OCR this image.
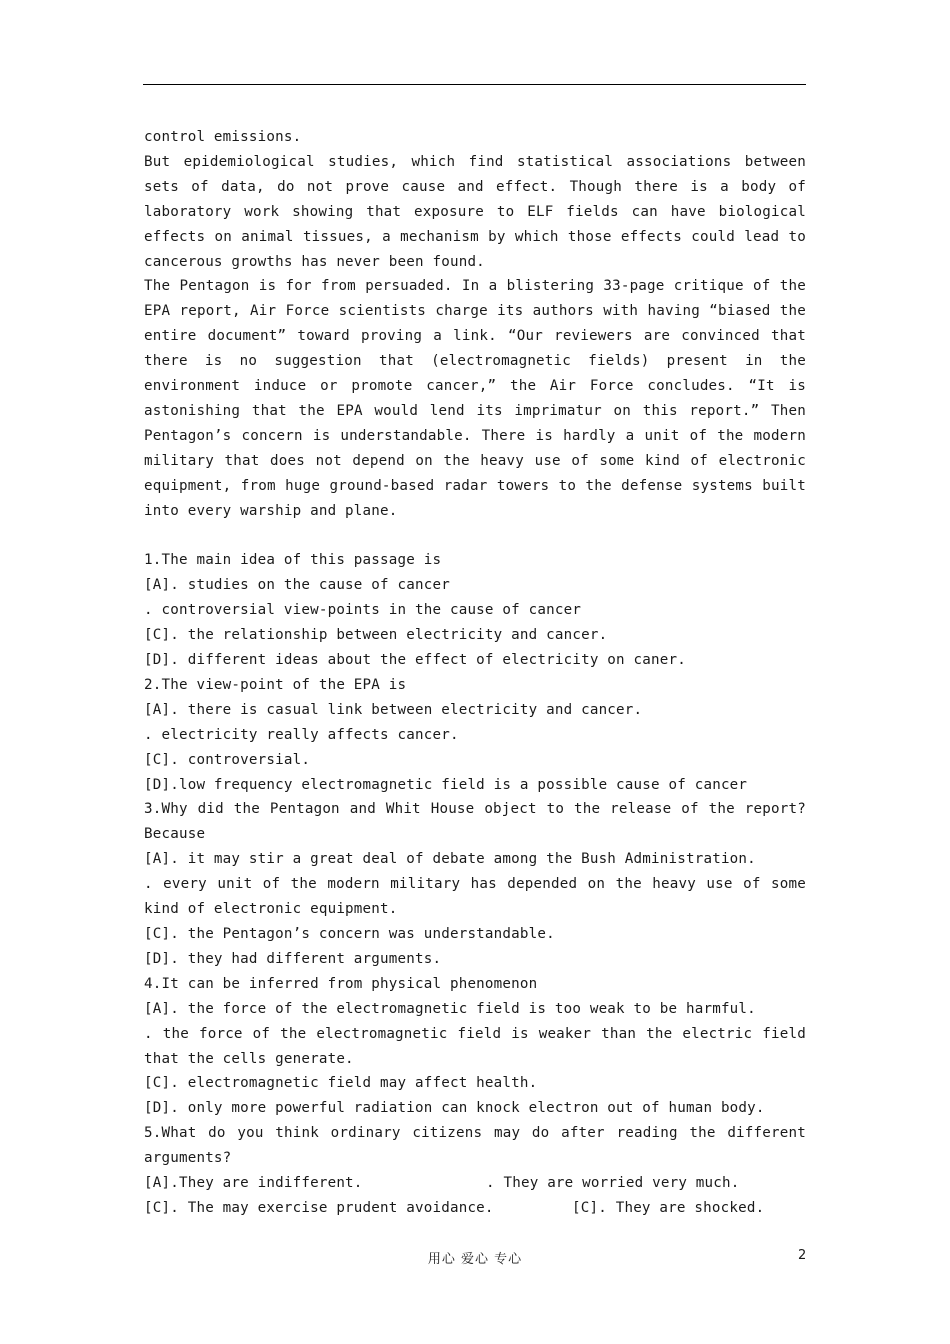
control emissions.

But epidemiological studies, which find statistical associations between sets of data, do not prove cause and effect. Though there is a body of laboratory work showing that exposure to ELF fields can have biological effects on animal tissues, a mechanism by which those effects could lead to cancerous growths has never been found.

The Pentagon is for from persuaded. In a blistering 33-page critique of the EPA report, Air Force scientists charge its authors with having “biased the entire document” toward proving a link. “Our reviewers are convinced that there is no suggestion that (electromagnetic fields) present in the environment induce or promote cancer,” the Air Force concludes. “It is astonishing that the EPA would lend its imprimatur on this report.” Then Pentagon’s concern is understandable. There is hardly a unit of the modern military that does not depend on the heavy use of some kind of electronic equipment, from huge ground-based radar towers to the defense systems built into every warship and plane.

1.The main idea of this passage is

[A]. studies on the cause of cancer

. controversial view-points in the cause of cancer

[C]. the relationship between electricity and cancer.

[D]. different ideas about the effect of electricity on caner.

2.The view-point of the EPA is

[A]. there is casual link between electricity and cancer.

. electricity really affects cancer.

[C]. controversial.

[D].low frequency electromagnetic field is a possible cause of cancer

3.Why did the Pentagon and Whit House object to the release of the report? Because

[A]. it may stir a great deal of debate among the Bush Administration.

. every unit of the modern military has depended on the heavy use of some kind of electronic equipment.

[C]. the Pentagon’s concern was understandable.

[D]. they had different arguments.

4.It can be inferred from physical phenomenon

[A]. the force of the electromagnetic field is too weak to be harmful.

. the force of the electromagnetic field is weaker than the electric field that the cells generate.

[C]. electromagnetic field may affect health.

[D]. only more powerful radiation can knock electron out of human body.

5.What do you think ordinary citizens may do after reading the different arguments?

[A].They are indifferent.	. They are worried very much.
[C]. The may exercise prudent avoidance.	[C]. They are shocked.
用心 爱心 专心	2
